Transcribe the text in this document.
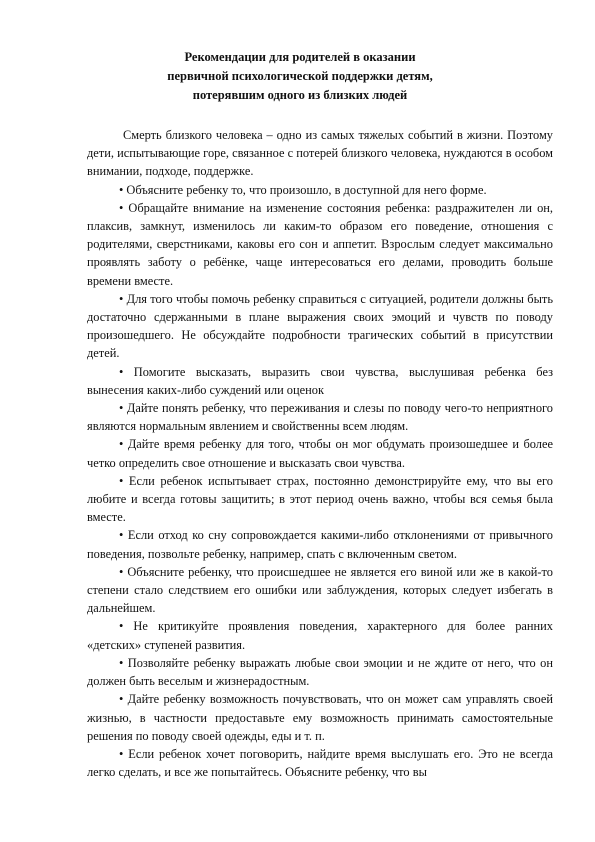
Рекомендации для родителей в оказании
первичной психологической поддержки детям,
потерявшим одного из близких людей

Смерть близкого человека – одно из самых тяжелых событий в жизни. Поэтому дети, испытывающие горе, связанное с потерей близкого человека, нуждаются в особом внимании, подходе, поддержке.

• Объясните ребенку то, что произошло, в доступной для него форме.

• Обращайте внимание на изменение состояния ребенка: раздражителен ли он, плаксив, замкнут, изменилось ли каким-то образом его поведение, отношения с родителями, сверстниками, каковы его сон и аппетит. Взрослым следует максимально проявлять заботу о ребёнке, чаще интересоваться его делами, проводить больше времени вместе.

• Для того чтобы помочь ребенку справиться с ситуацией, родители должны быть достаточно сдержанными в плане выражения своих эмоций и чувств по поводу произошедшего. Не обсуждайте подробности трагических событий в присутствии детей.

• Помогите высказать, выразить свои чувства, выслушивая ребенка без вынесения каких-либо суждений или оценок

• Дайте понять ребенку, что переживания и слезы по поводу чего-то неприятного являются нормальным явлением и свойственны всем людям.

• Дайте время ребенку для того, чтобы он мог обдумать произошедшее и более четко определить свое отношение и высказать свои чувства.

• Если ребенок испытывает страх, постоянно демонстрируйте ему, что вы его любите и всегда готовы защитить; в этот период очень важно, чтобы вся семья была вместе.

• Если отход ко сну сопровождается какими-либо отклонениями от привычного поведения, позвольте ребенку, например, спать с включенным светом.

• Объясните ребенку, что происшедшее не является его виной или же в какой-то степени стало следствием его ошибки или заблуждения, которых следует избегать в дальнейшем.

• Не критикуйте проявления поведения, характерного для более ранних «детских» ступеней развития.

• Позволяйте ребенку выражать любые свои эмоции и не ждите от него, что он должен быть веселым и жизнерадостным.

• Дайте ребенку возможность почувствовать, что он может сам управлять своей жизнью, в частности предоставьте ему возможность принимать самостоятельные решения по поводу своей одежды, еды и т. п.

• Если ребенок хочет поговорить, найдите время выслушать его. Это не всегда легко сделать, и все же попытайтесь. Объясните ребенку, что вы
